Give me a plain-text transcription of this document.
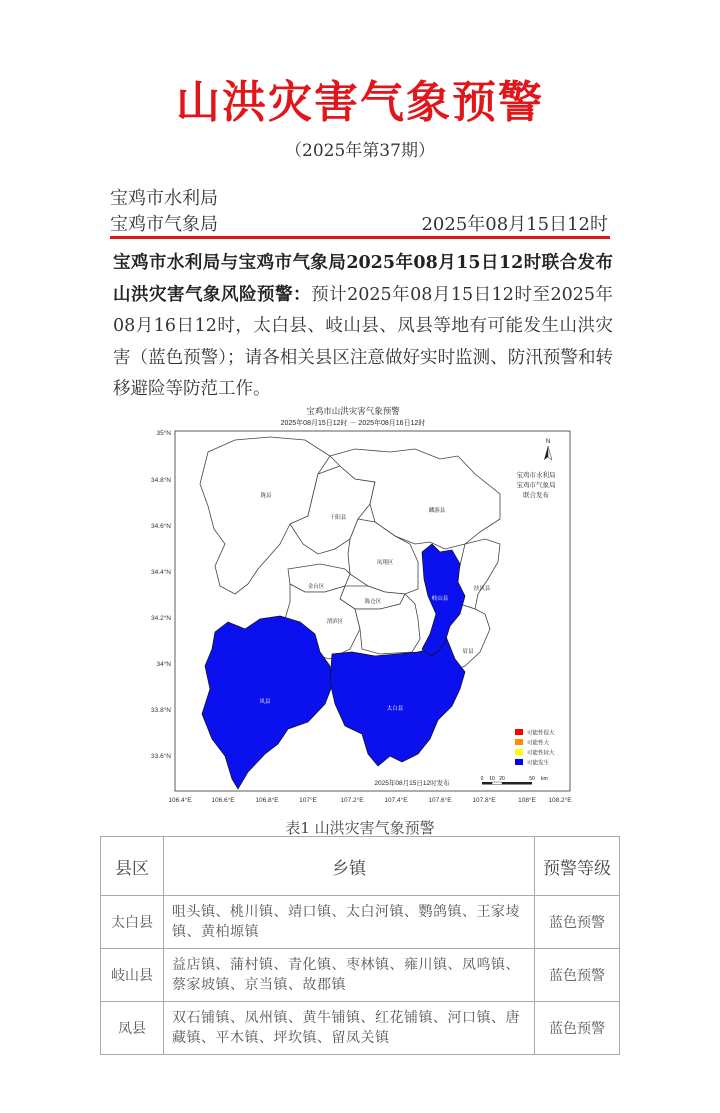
山洪灾害气象预警
（2025年第37期）
宝鸡市水利局
宝鸡市气象局	2025年08月15日12时
宝鸡市水利局与宝鸡市气象局2025年08月15日12时联合发布山洪灾害气象风险预警：预计2025年08月15日12时至2025年08月16日12时，太白县、岐山县、凤县等地有可能发生山洪灾害（蓝色预警）；请各相关县区注意做好实时监测、防汛预警和转移避险等防范工作。
宝鸡市山洪灾害气象预警
2025年08月15日12时 － 2025年08月16日12时
35°N
34.8°N
34.6°N
34.4°N
34.2°N
34°N
33.8°N
33.6°N
106.4°E	106.6°E	106.8°E	107°E	107.2°E	107.4°E	107.6°E	107.8°E	108°E 108.2°E
陇县
千阳县
麟游县
凤翔区
岐山县
扶风县
金台区
陈仓区
渭滨区
眉县
凤县
太白县
N
宝鸡市水利局
宝鸡市气象局
联合发布
可能性很大
可能性大
可能性较大
可能发生
2025年08月15日12时发布
0 10 20	50 km
表1 山洪灾害气象预警
县区	乡镇	预警等级
太白县	咀头镇、桃川镇、靖口镇、太白河镇、鹦鸽镇、王家堎镇、黄柏塬镇	蓝色预警
岐山县	益店镇、蒲村镇、青化镇、枣林镇、雍川镇、凤鸣镇、蔡家坡镇、京当镇、故郡镇	蓝色预警
凤县	双石铺镇、凤州镇、黄牛铺镇、红花铺镇、河口镇、唐藏镇、平木镇、坪坎镇、留凤关镇	蓝色预警
